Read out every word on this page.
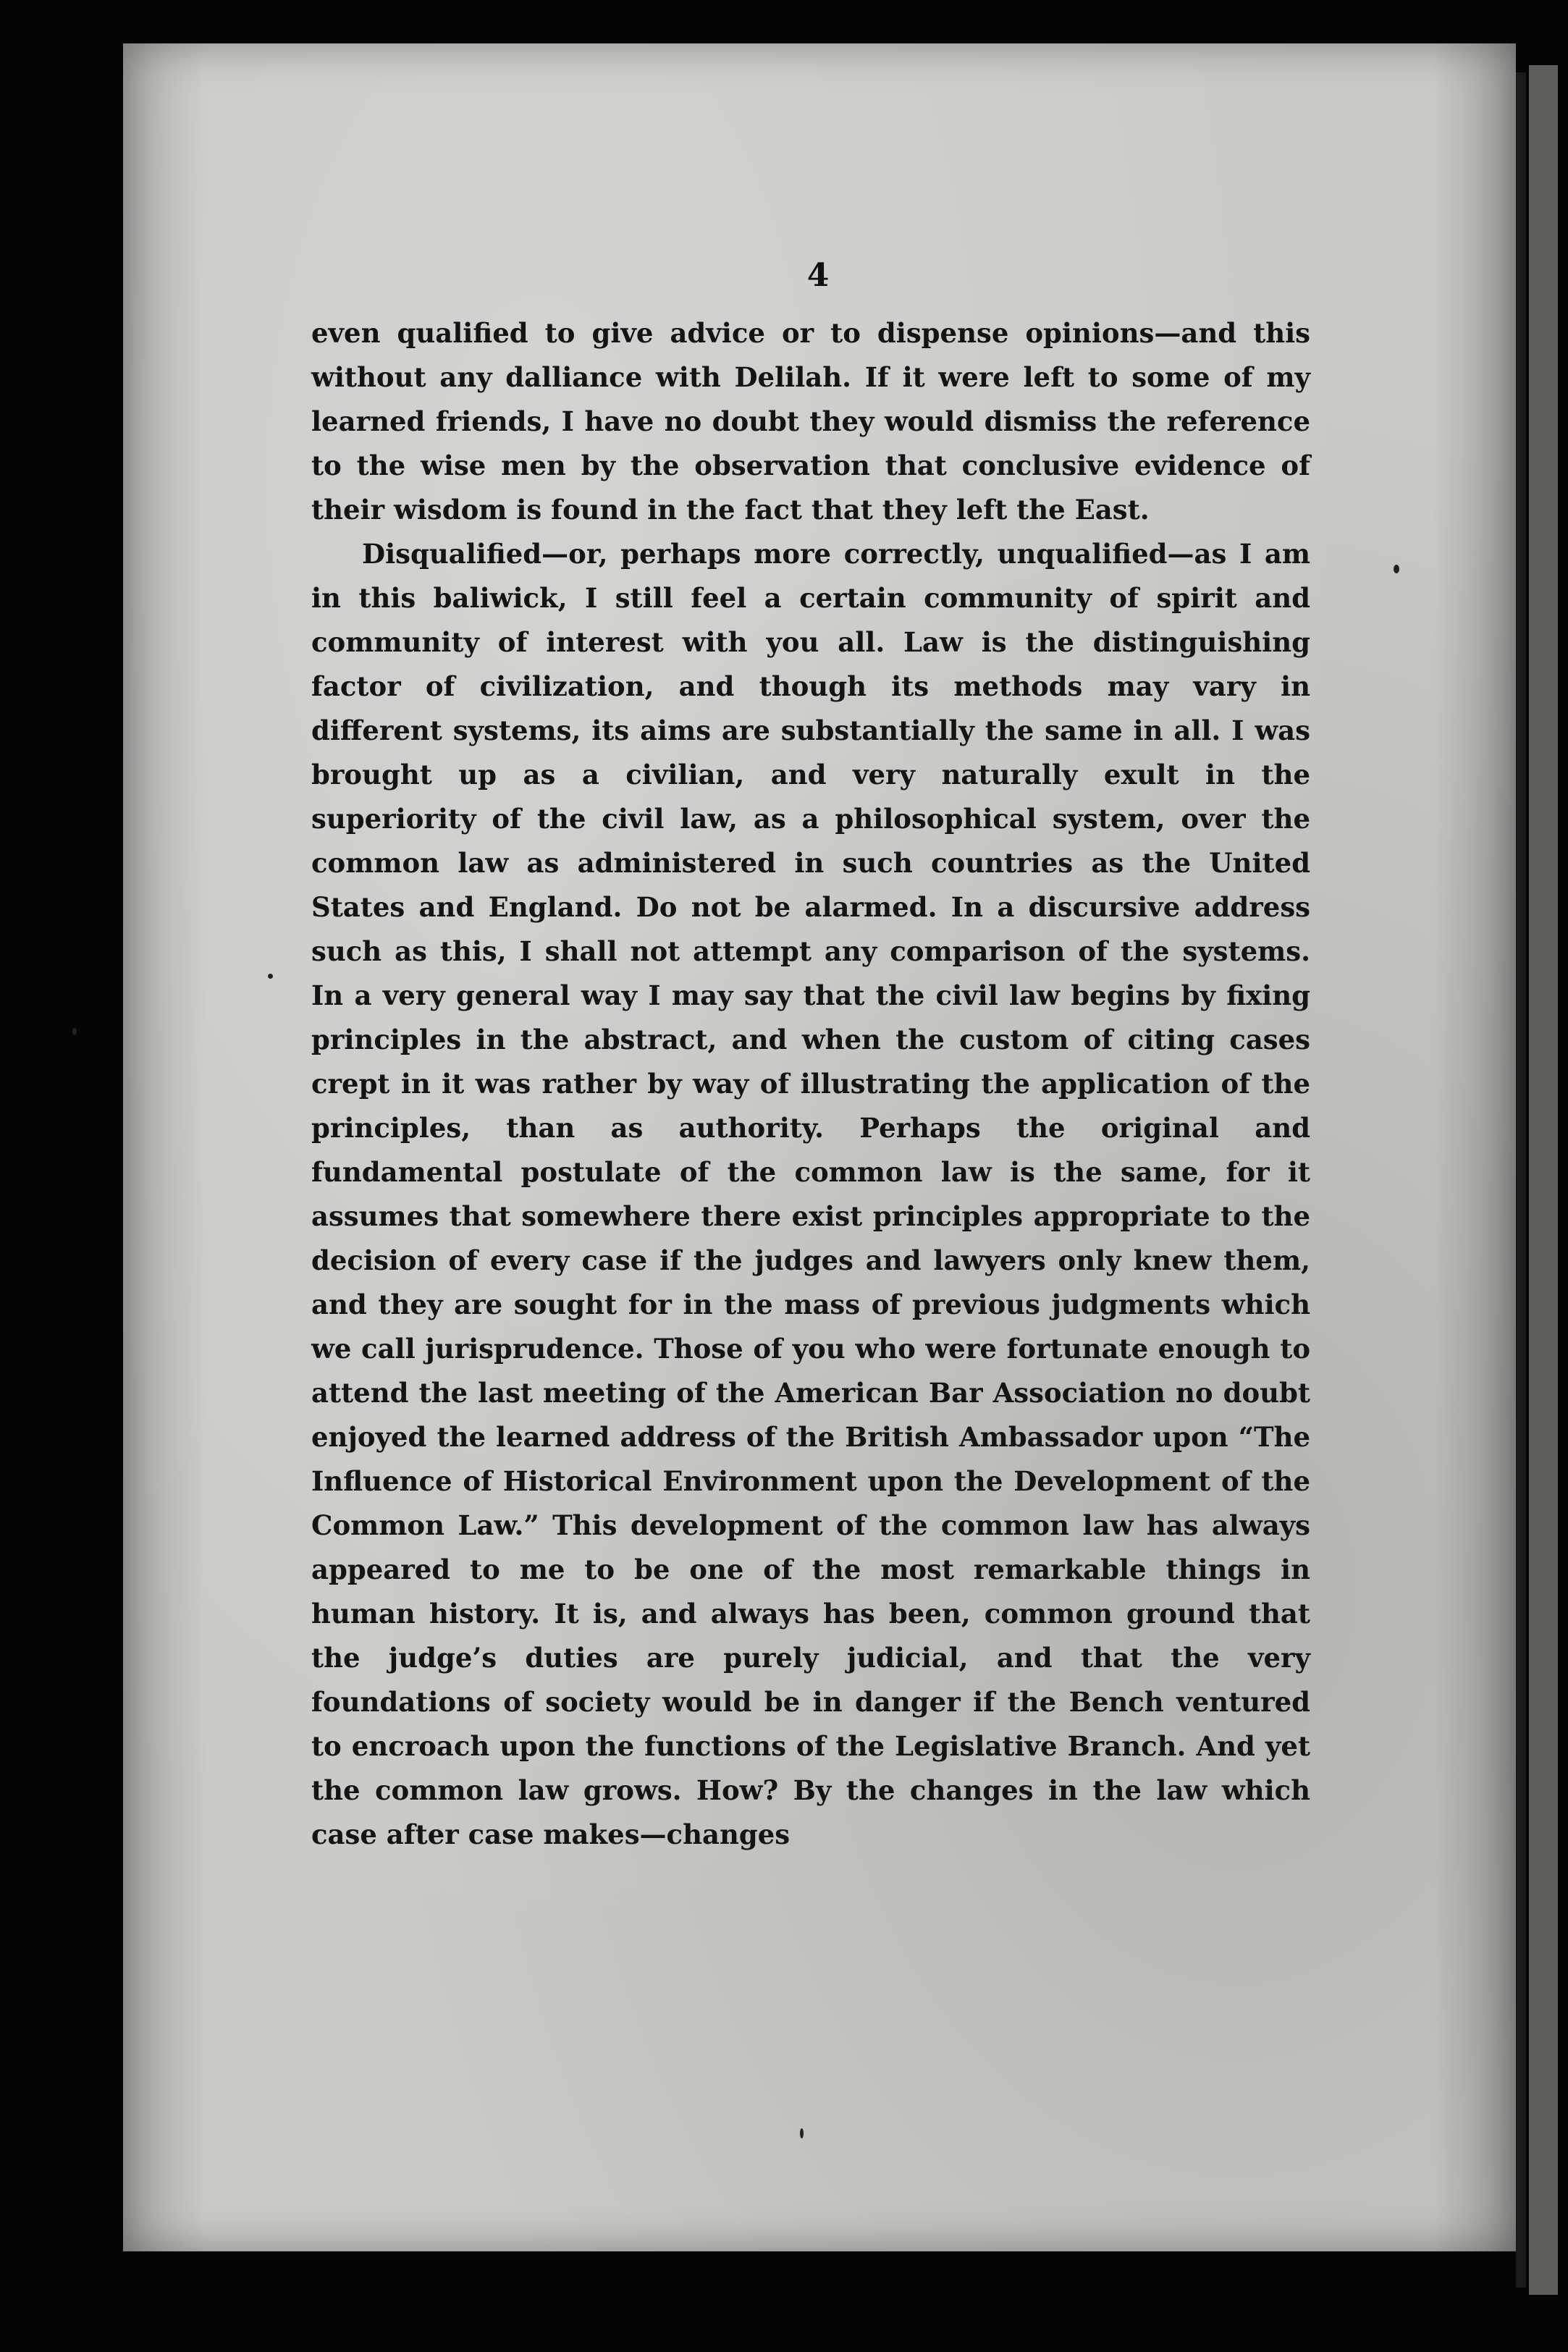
4

even qualified to give advice or to dispense opinions—and this without any dalliance with Delilah. If it were left to some of my learned friends, I have no doubt they would dismiss the reference to the wise men by the observation that conclusive evidence of their wisdom is found in the fact that they left the East.

Disqualified—or, perhaps more correctly, unqualified—as I am in this baliwick, I still feel a certain community of spirit and community of interest with you all. Law is the distinguishing factor of civilization, and though its methods may vary in different systems, its aims are substantially the same in all. I was brought up as a civilian, and very naturally exult in the superiority of the civil law, as a philosophical system, over the common law as administered in such countries as the United States and England. Do not be alarmed. In a discursive address such as this, I shall not attempt any comparison of the systems. In a very general way I may say that the civil law begins by fixing principles in the abstract, and when the custom of citing cases crept in it was rather by way of illustrating the application of the principles, than as authority. Perhaps the original and fundamental postulate of the common law is the same, for it assumes that somewhere there exist principles appropriate to the decision of every case if the judges and lawyers only knew them, and they are sought for in the mass of previous judgments which we call jurisprudence. Those of you who were fortunate enough to attend the last meeting of the American Bar Association no doubt enjoyed the learned address of the British Ambassador upon “The Influence of Historical Environment upon the Development of the Common Law.” This development of the common law has always appeared to me to be one of the most remarkable things in human history. It is, and always has been, common ground that the judge’s duties are purely judicial, and that the very foundations of society would be in danger if the Bench ventured to encroach upon the functions of the Legislative Branch. And yet the common law grows. How? By the changes in the law which case after case makes—changes
